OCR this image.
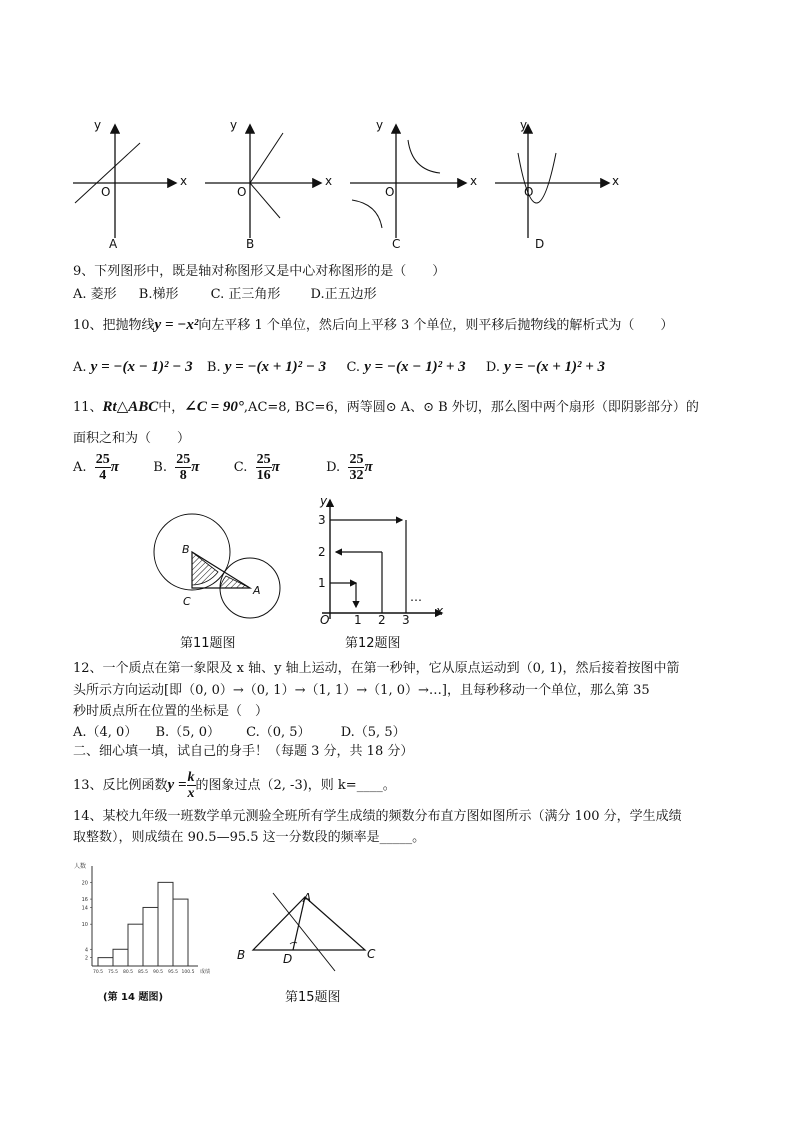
y
x
O
A
y
x
O
B
y
x
O
C
y
x
O
D
9、下列图形中，既是轴对称图形又是中心对称图形的是（　　）
A. 菱形 B.梯形 C. 正三角形 D.正五边形
10、把抛物线y = −x²向左平移 1 个单位，然后向上平移 3 个单位，则平移后抛物线的解析式为（　　）
A. y = −(x − 1)² − 3 B. y = −(x + 1)² − 3 C. y = −(x − 1)² + 3 D. y = −(x + 1)² + 3
11、Rt△ABC中，∠C = 90°,AC=8, BC=6，两等圆⊙ A、⊙ B 外切，那么图中两个扇形（即阴影部分）的
面积之和为（　　）
A. $\frac{25}{4}$ π	B. $\frac{25}{8}$ π	C. $\frac{25}{16}$ π	D. $\frac{25}{32}$ π
B
C
A
第11题图
y
3
2
1
O 1 2 3
…
x
第12题图
12、一个质点在第一象限及 x 轴、y 轴上运动，在第一秒钟，它从原点运动到（0, 1)，然后接着按图中箭
头所示方向运动[即（0, 0）→（0, 1）→（1, 1）→（1, 0）→…]，且每秒移动一个单位，那么第 35
秒时质点所在位置的坐标是（　）
A.（4, 0） B.（5, 0） C.（0, 5） D.（5, 5）
二、细心填一填，试自己的身手！（每题 3 分，共 18 分）
13、反比例函数$y = \frac{k}{x}$ 的图象过点（2, -3)，则 k=____。
14、某校九年级一班数学单元测验全班所有学生成绩的频数分布直方图如图所示（满分 100 分，学生成绩
取整数），则成绩在 90.5—95.5 这一分数段的频率是_____。
人数
2
4
10
14
16
20
70.5 75.5 80.5 85.5 90.5 95.5 100.5 成绩
(第 14 题图)
A
B	D	C
第15题图
